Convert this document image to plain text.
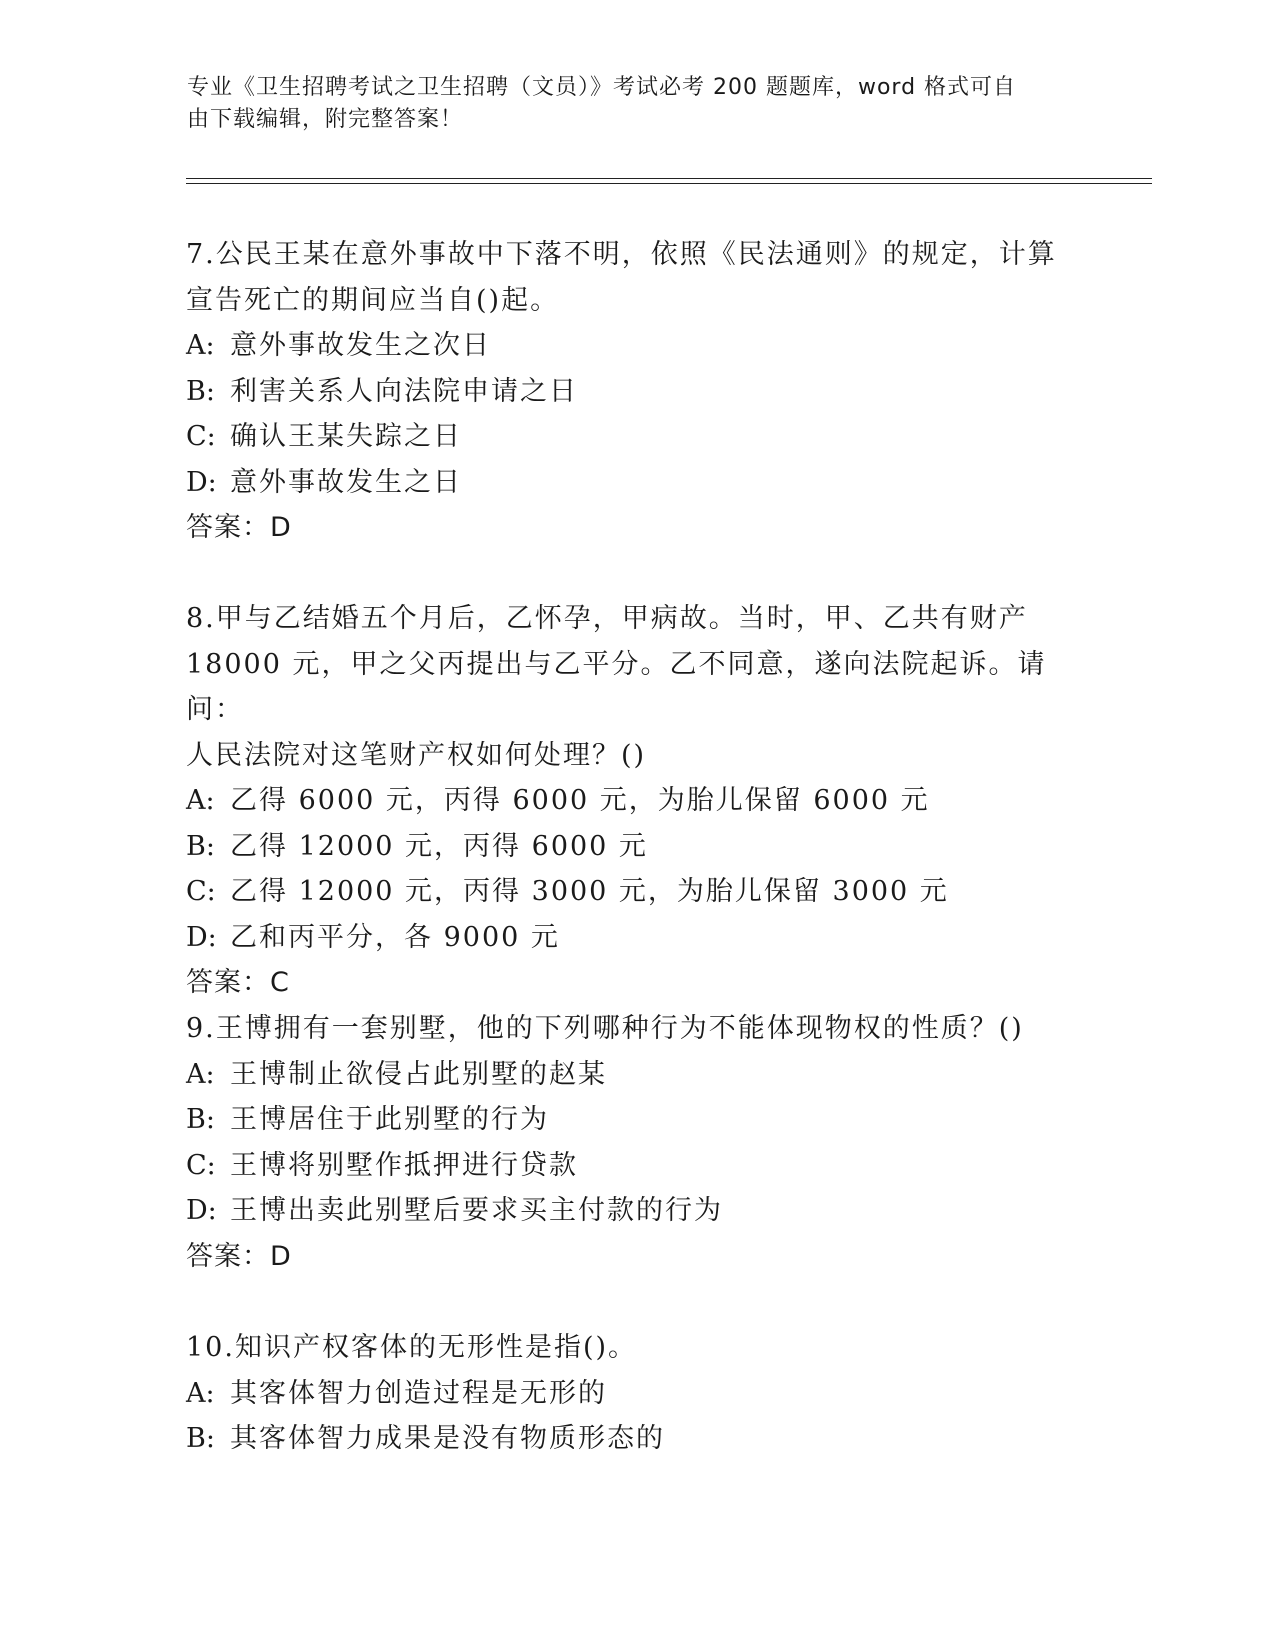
专业《卫生招聘考试之卫生招聘（文员）》考试必考 200 题题库，word 格式可自
由下载编辑，附完整答案！

7.公民王某在意外事故中下落不明，依照《民法通则》的规定，计算

宣告死亡的期间应当自()起。

A: 意外事故发生之次日

B: 利害关系人向法院申请之日

C: 确认王某失踪之日

D: 意外事故发生之日

答案：D

8.甲与乙结婚五个月后，乙怀孕，甲病故。当时，甲、乙共有财产

18000 元，甲之父丙提出与乙平分。乙不同意，遂向法院起诉。请问：

人民法院对这笔财产权如何处理？()

A: 乙得 6000 元，丙得 6000 元，为胎儿保留 6000 元

B: 乙得 12000 元，丙得 6000 元

C: 乙得 12000 元，丙得 3000 元，为胎儿保留 3000 元

D: 乙和丙平分，各 9000 元

答案：C

9.王博拥有一套别墅，他的下列哪种行为不能体现物权的性质？()

A: 王博制止欲侵占此别墅的赵某

B: 王博居住于此别墅的行为

C: 王博将别墅作抵押进行贷款

D: 王博出卖此别墅后要求买主付款的行为

答案：D

10.知识产权客体的无形性是指()。

A: 其客体智力创造过程是无形的

B: 其客体智力成果是没有物质形态的
